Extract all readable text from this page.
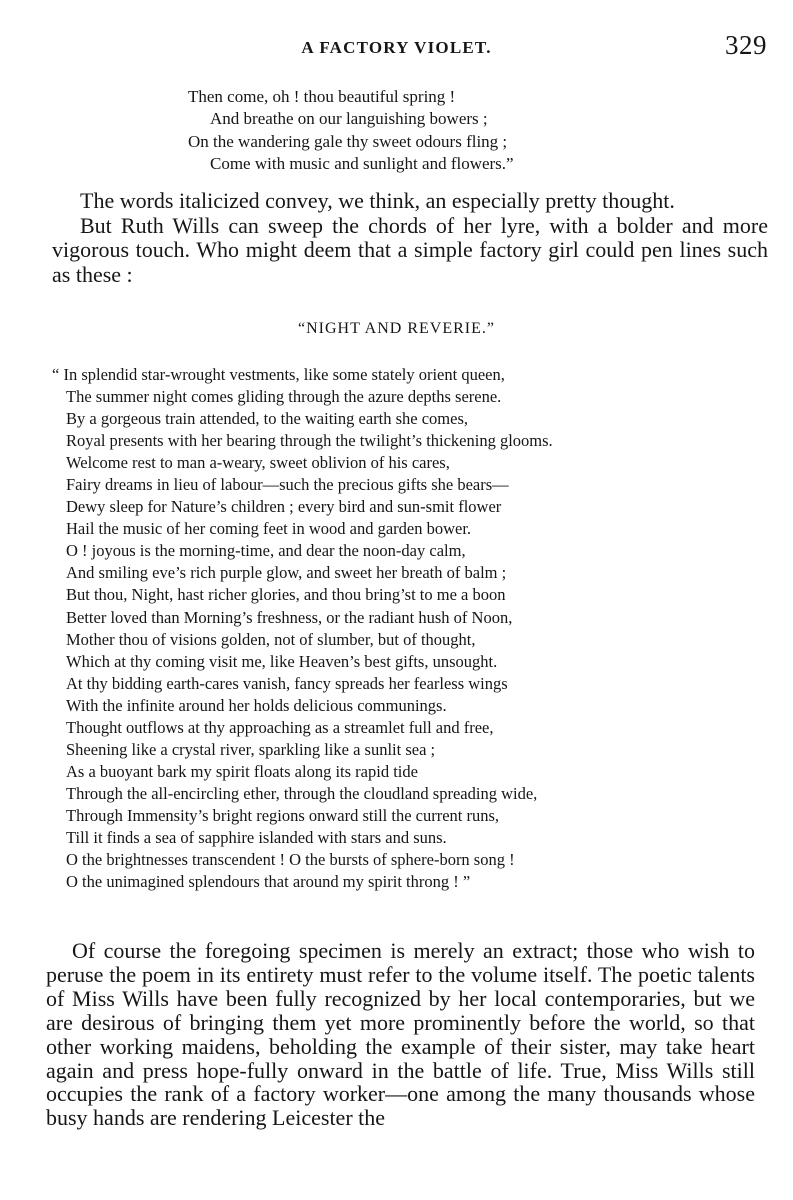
A FACTORY VIOLET.	329
Then come, oh ! thou beautiful spring !
And breathe on our languishing bowers ;
On the wandering gale thy sweet odours fling ;
Come with music and sunlight and flowers.”
The words italicized convey, we think, an especially pretty thought.
But Ruth Wills can sweep the chords of her lyre, with a bolder and more vigorous touch. Who might deem that a simple factory girl could pen lines such as these :
“NIGHT AND REVERIE.”
“ In splendid star-wrought vestments, like some stately orient queen,
The summer night comes gliding through the azure depths serene.
By a gorgeous train attended, to the waiting earth she comes,
Royal presents with her bearing through the twilight’s thickening glooms.
Welcome rest to man a-weary, sweet oblivion of his cares,
Fairy dreams in lieu of labour—such the precious gifts she bears—
Dewy sleep for Nature’s children ; every bird and sun-smit flower
Hail the music of her coming feet in wood and garden bower.
O ! joyous is the morning-time, and dear the noon-day calm,
And smiling eve’s rich purple glow, and sweet her breath of balm ;
But thou, Night, hast richer glories, and thou bring’st to me a boon
Better loved than Morning’s freshness, or the radiant hush of Noon,
Mother thou of visions golden, not of slumber, but of thought,
Which at thy coming visit me, like Heaven’s best gifts, unsought.
At thy bidding earth-cares vanish, fancy spreads her fearless wings
With the infinite around her holds delicious communings.
Thought outflows at thy approaching as a streamlet full and free,
Sheening like a crystal river, sparkling like a sunlit sea ;
As a buoyant bark my spirit floats along its rapid tide
Through the all-encircling ether, through the cloudland spreading wide,
Through Immensity’s bright regions onward still the current runs,
Till it finds a sea of sapphire islanded with stars and suns.
O the brightnesses transcendent ! O the bursts of sphere-born song !
O the unimagined splendours that around my spirit throng ! ”
Of course the foregoing specimen is merely an extract; those who wish to peruse the poem in its entirety must refer to the volume itself. The poetic talents of Miss Wills have been fully recognized by her local contemporaries, but we are desirous of bringing them yet more prominently before the world, so that other working maidens, beholding the example of their sister, may take heart again and press hope-fully onward in the battle of life. True, Miss Wills still occupies the rank of a factory worker—one among the many thousands whose busy hands are rendering Leicester the
